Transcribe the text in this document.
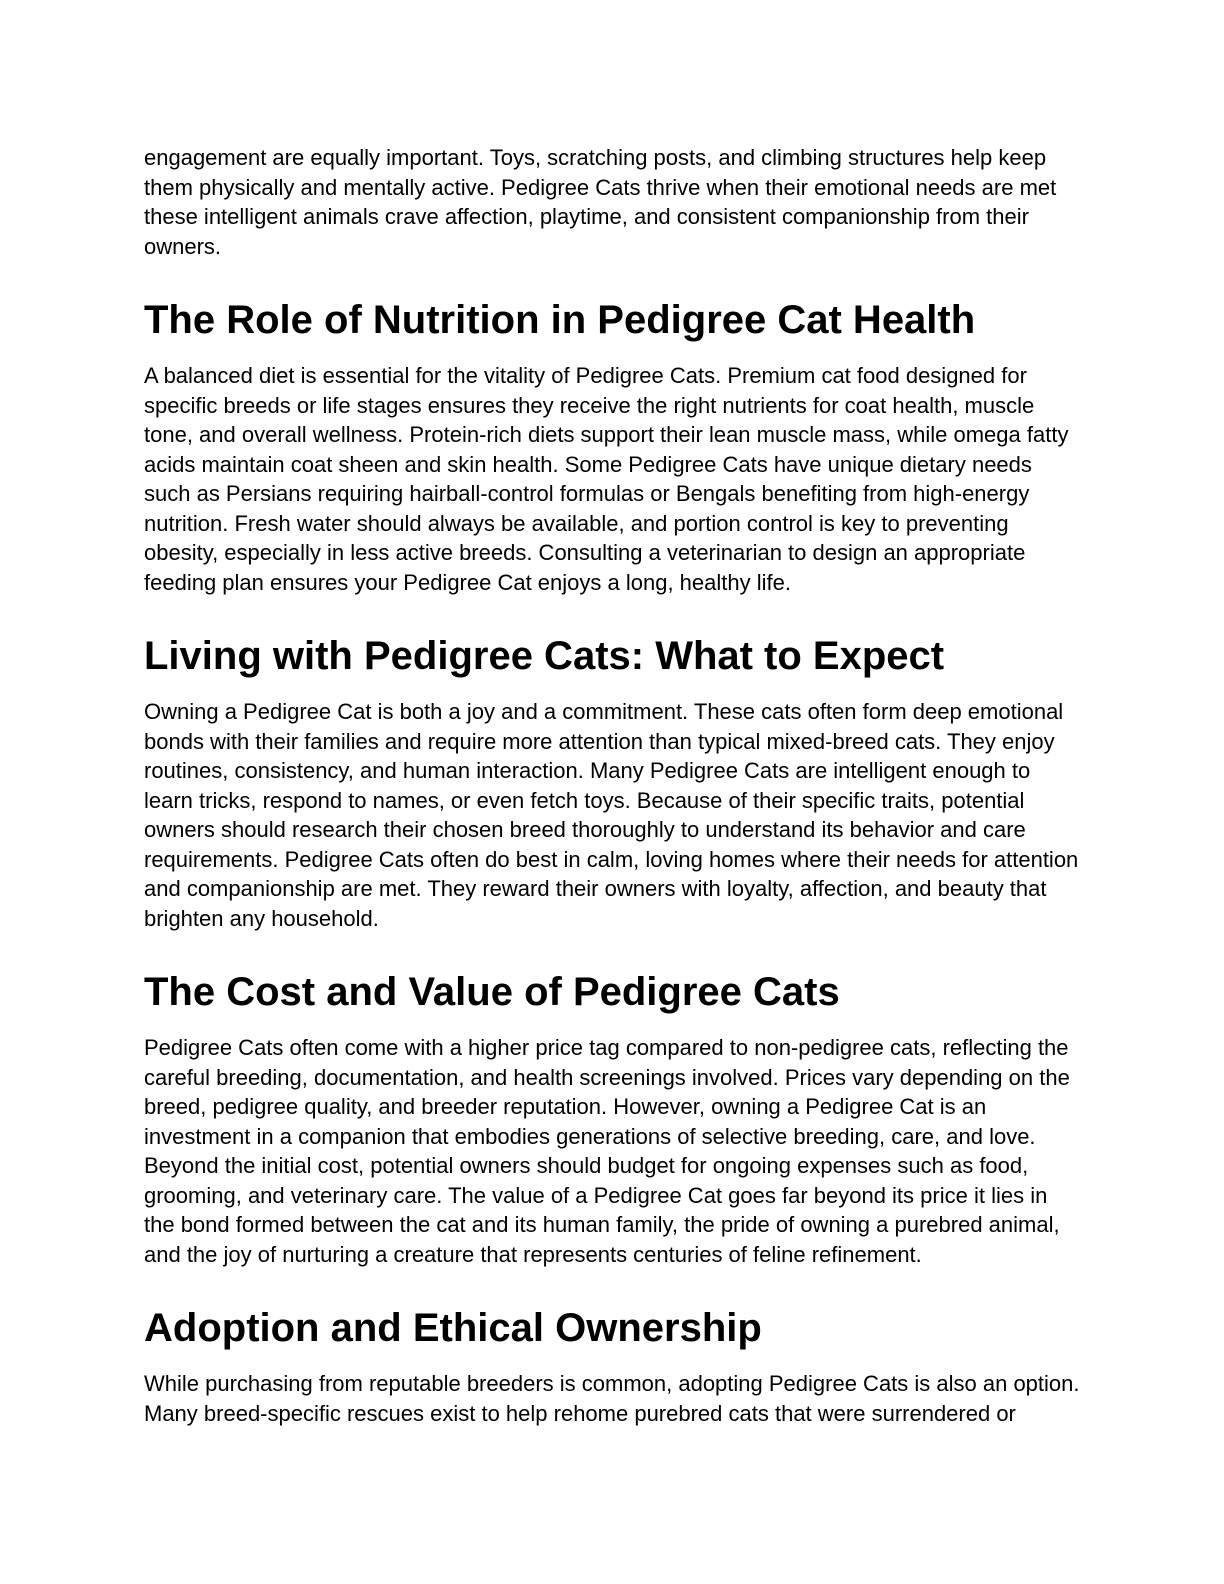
engagement are equally important. Toys, scratching posts, and climbing structures help keep them physically and mentally active. Pedigree Cats thrive when their emotional needs are met these intelligent animals crave affection, playtime, and consistent companionship from their owners.

The Role of Nutrition in Pedigree Cat Health

A balanced diet is essential for the vitality of Pedigree Cats. Premium cat food designed for specific breeds or life stages ensures they receive the right nutrients for coat health, muscle tone, and overall wellness. Protein-rich diets support their lean muscle mass, while omega fatty acids maintain coat sheen and skin health. Some Pedigree Cats have unique dietary needs such as Persians requiring hairball-control formulas or Bengals benefiting from high-energy nutrition. Fresh water should always be available, and portion control is key to preventing obesity, especially in less active breeds. Consulting a veterinarian to design an appropriate feeding plan ensures your Pedigree Cat enjoys a long, healthy life.

Living with Pedigree Cats: What to Expect

Owning a Pedigree Cat is both a joy and a commitment. These cats often form deep emotional bonds with their families and require more attention than typical mixed-breed cats. They enjoy routines, consistency, and human interaction. Many Pedigree Cats are intelligent enough to learn tricks, respond to names, or even fetch toys. Because of their specific traits, potential owners should research their chosen breed thoroughly to understand its behavior and care requirements. Pedigree Cats often do best in calm, loving homes where their needs for attention and companionship are met. They reward their owners with loyalty, affection, and beauty that brighten any household.

The Cost and Value of Pedigree Cats

Pedigree Cats often come with a higher price tag compared to non-pedigree cats, reflecting the careful breeding, documentation, and health screenings involved. Prices vary depending on the breed, pedigree quality, and breeder reputation. However, owning a Pedigree Cat is an investment in a companion that embodies generations of selective breeding, care, and love. Beyond the initial cost, potential owners should budget for ongoing expenses such as food, grooming, and veterinary care. The value of a Pedigree Cat goes far beyond its price it lies in the bond formed between the cat and its human family, the pride of owning a purebred animal, and the joy of nurturing a creature that represents centuries of feline refinement.

Adoption and Ethical Ownership

While purchasing from reputable breeders is common, adopting Pedigree Cats is also an option. Many breed-specific rescues exist to help rehome purebred cats that were surrendered or
